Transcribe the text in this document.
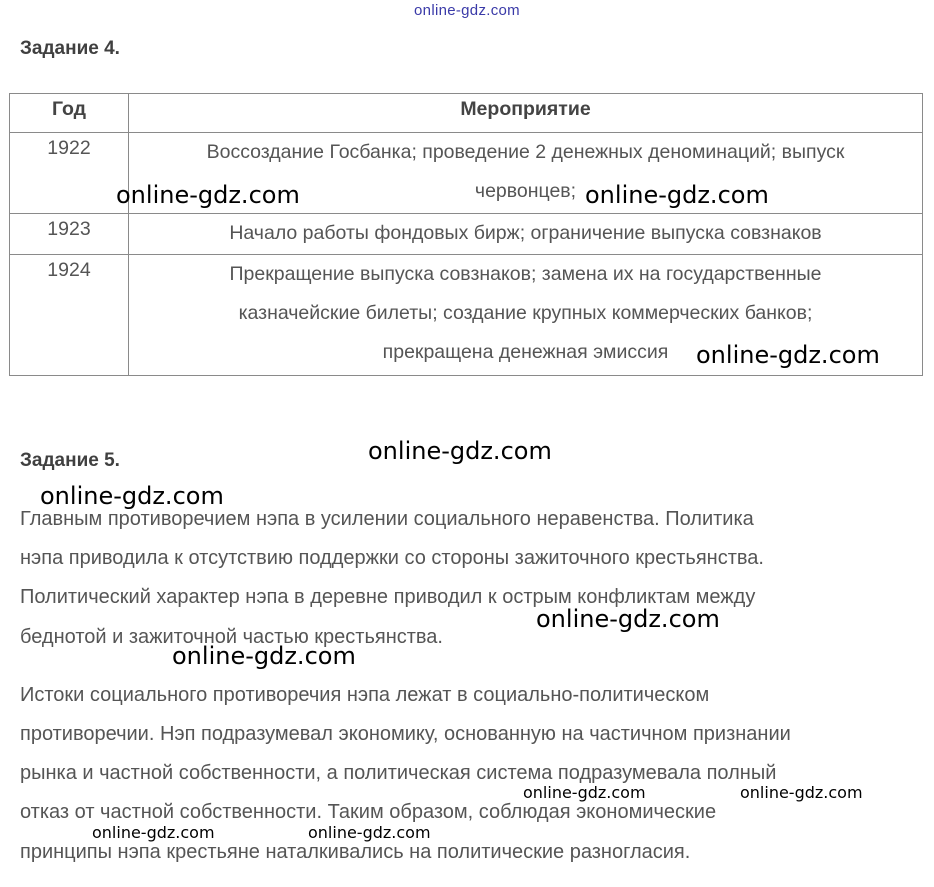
online-gdz.com
Задание 4.
Год	Мероприятие
1922	Воссоздание Госбанка; проведение 2 денежных деноминаций; выпуск
червонцев;

1923	Начало работы фондовых бирж; ограничение выпуска совзнаков

1924	Прекращение выпуска совзнаков; замена их на государственные
казначейские билеты; создание крупных коммерческих банков;
прекращена денежная эмиссия
Задание 5.

Главным противоречием нэпа в усилении социального неравенства. Политика
нэпа приводила к отсутствию поддержки со стороны зажиточного крестьянства.
Политический характер нэпа в деревне приводил к острым конфликтам между
беднотой и зажиточной частью крестьянства.

Истоки социального противоречия нэпа лежат в социально-политическом
противоречии. Нэп подразумевал экономику, основанную на частичном признании
рынка и частной собственности, а политическая система подразумевала полный
отказ от частной собственности. Таким образом, соблюдая экономические
принципы нэпа крестьяне наталкивались на политические разногласия.

online-gdz.com	online-gdz.com
online-gdz.com
online-gdz.com
online-gdz.com
online-gdz.com
online-gdz.com
online-gdz.com	online-gdz.com
online-gdz.com	online-gdz.com
